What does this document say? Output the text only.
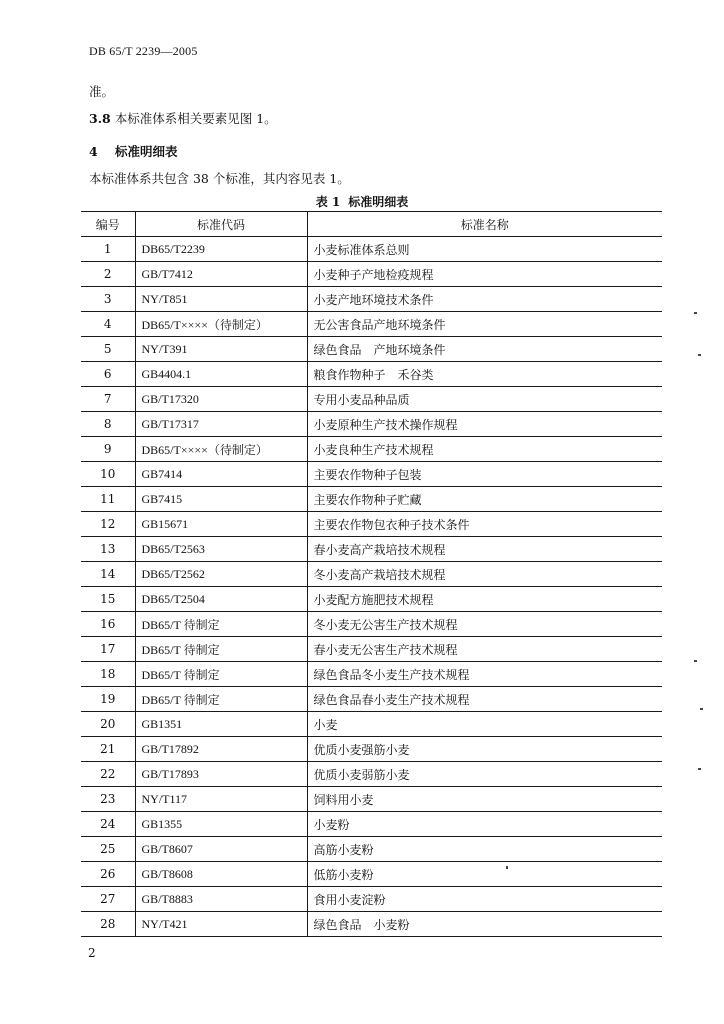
DB 65/T 2239—2005
准。
3.8 本标准体系相关要素见图 1。
4 标准明细表
本标准体系共包含 38 个标准，其内容见表 1。
表 1 标准明细表
编号	标准代码	标准名称
1	DB65/T2239	小麦标准体系总则
2	GB/T7412	小麦种子产地检疫规程
3	NY/T851	小麦产地环境技术条件
4	DB65/T××××（待制定）	无公害食品产地环境条件
5	NY/T391	绿色食品　产地环境条件
6	GB4404.1	粮食作物种子　禾谷类
7	GB/T17320	专用小麦品种品质
8	GB/T17317	小麦原种生产技术操作规程
9	DB65/T××××（待制定）	小麦良种生产技术规程
10	GB7414	主要农作物种子包装
11	GB7415	主要农作物种子贮藏
12	GB15671	主要农作物包衣种子技术条件
13	DB65/T2563	春小麦高产栽培技术规程
14	DB65/T2562	冬小麦高产栽培技术规程
15	DB65/T2504	小麦配方施肥技术规程
16	DB65/T 待制定	冬小麦无公害生产技术规程
17	DB65/T 待制定	春小麦无公害生产技术规程
18	DB65/T 待制定	绿色食品冬小麦生产技术规程
19	DB65/T 待制定	绿色食品春小麦生产技术规程
20	GB1351	小麦
21	GB/T17892	优质小麦强筋小麦
22	GB/T17893	优质小麦弱筋小麦
23	NY/T117	饲料用小麦
24	GB1355	小麦粉
25	GB/T8607	高筋小麦粉
26	GB/T8608	低筋小麦粉
27	GB/T8883	食用小麦淀粉
28	NY/T421	绿色食品　小麦粉
2
